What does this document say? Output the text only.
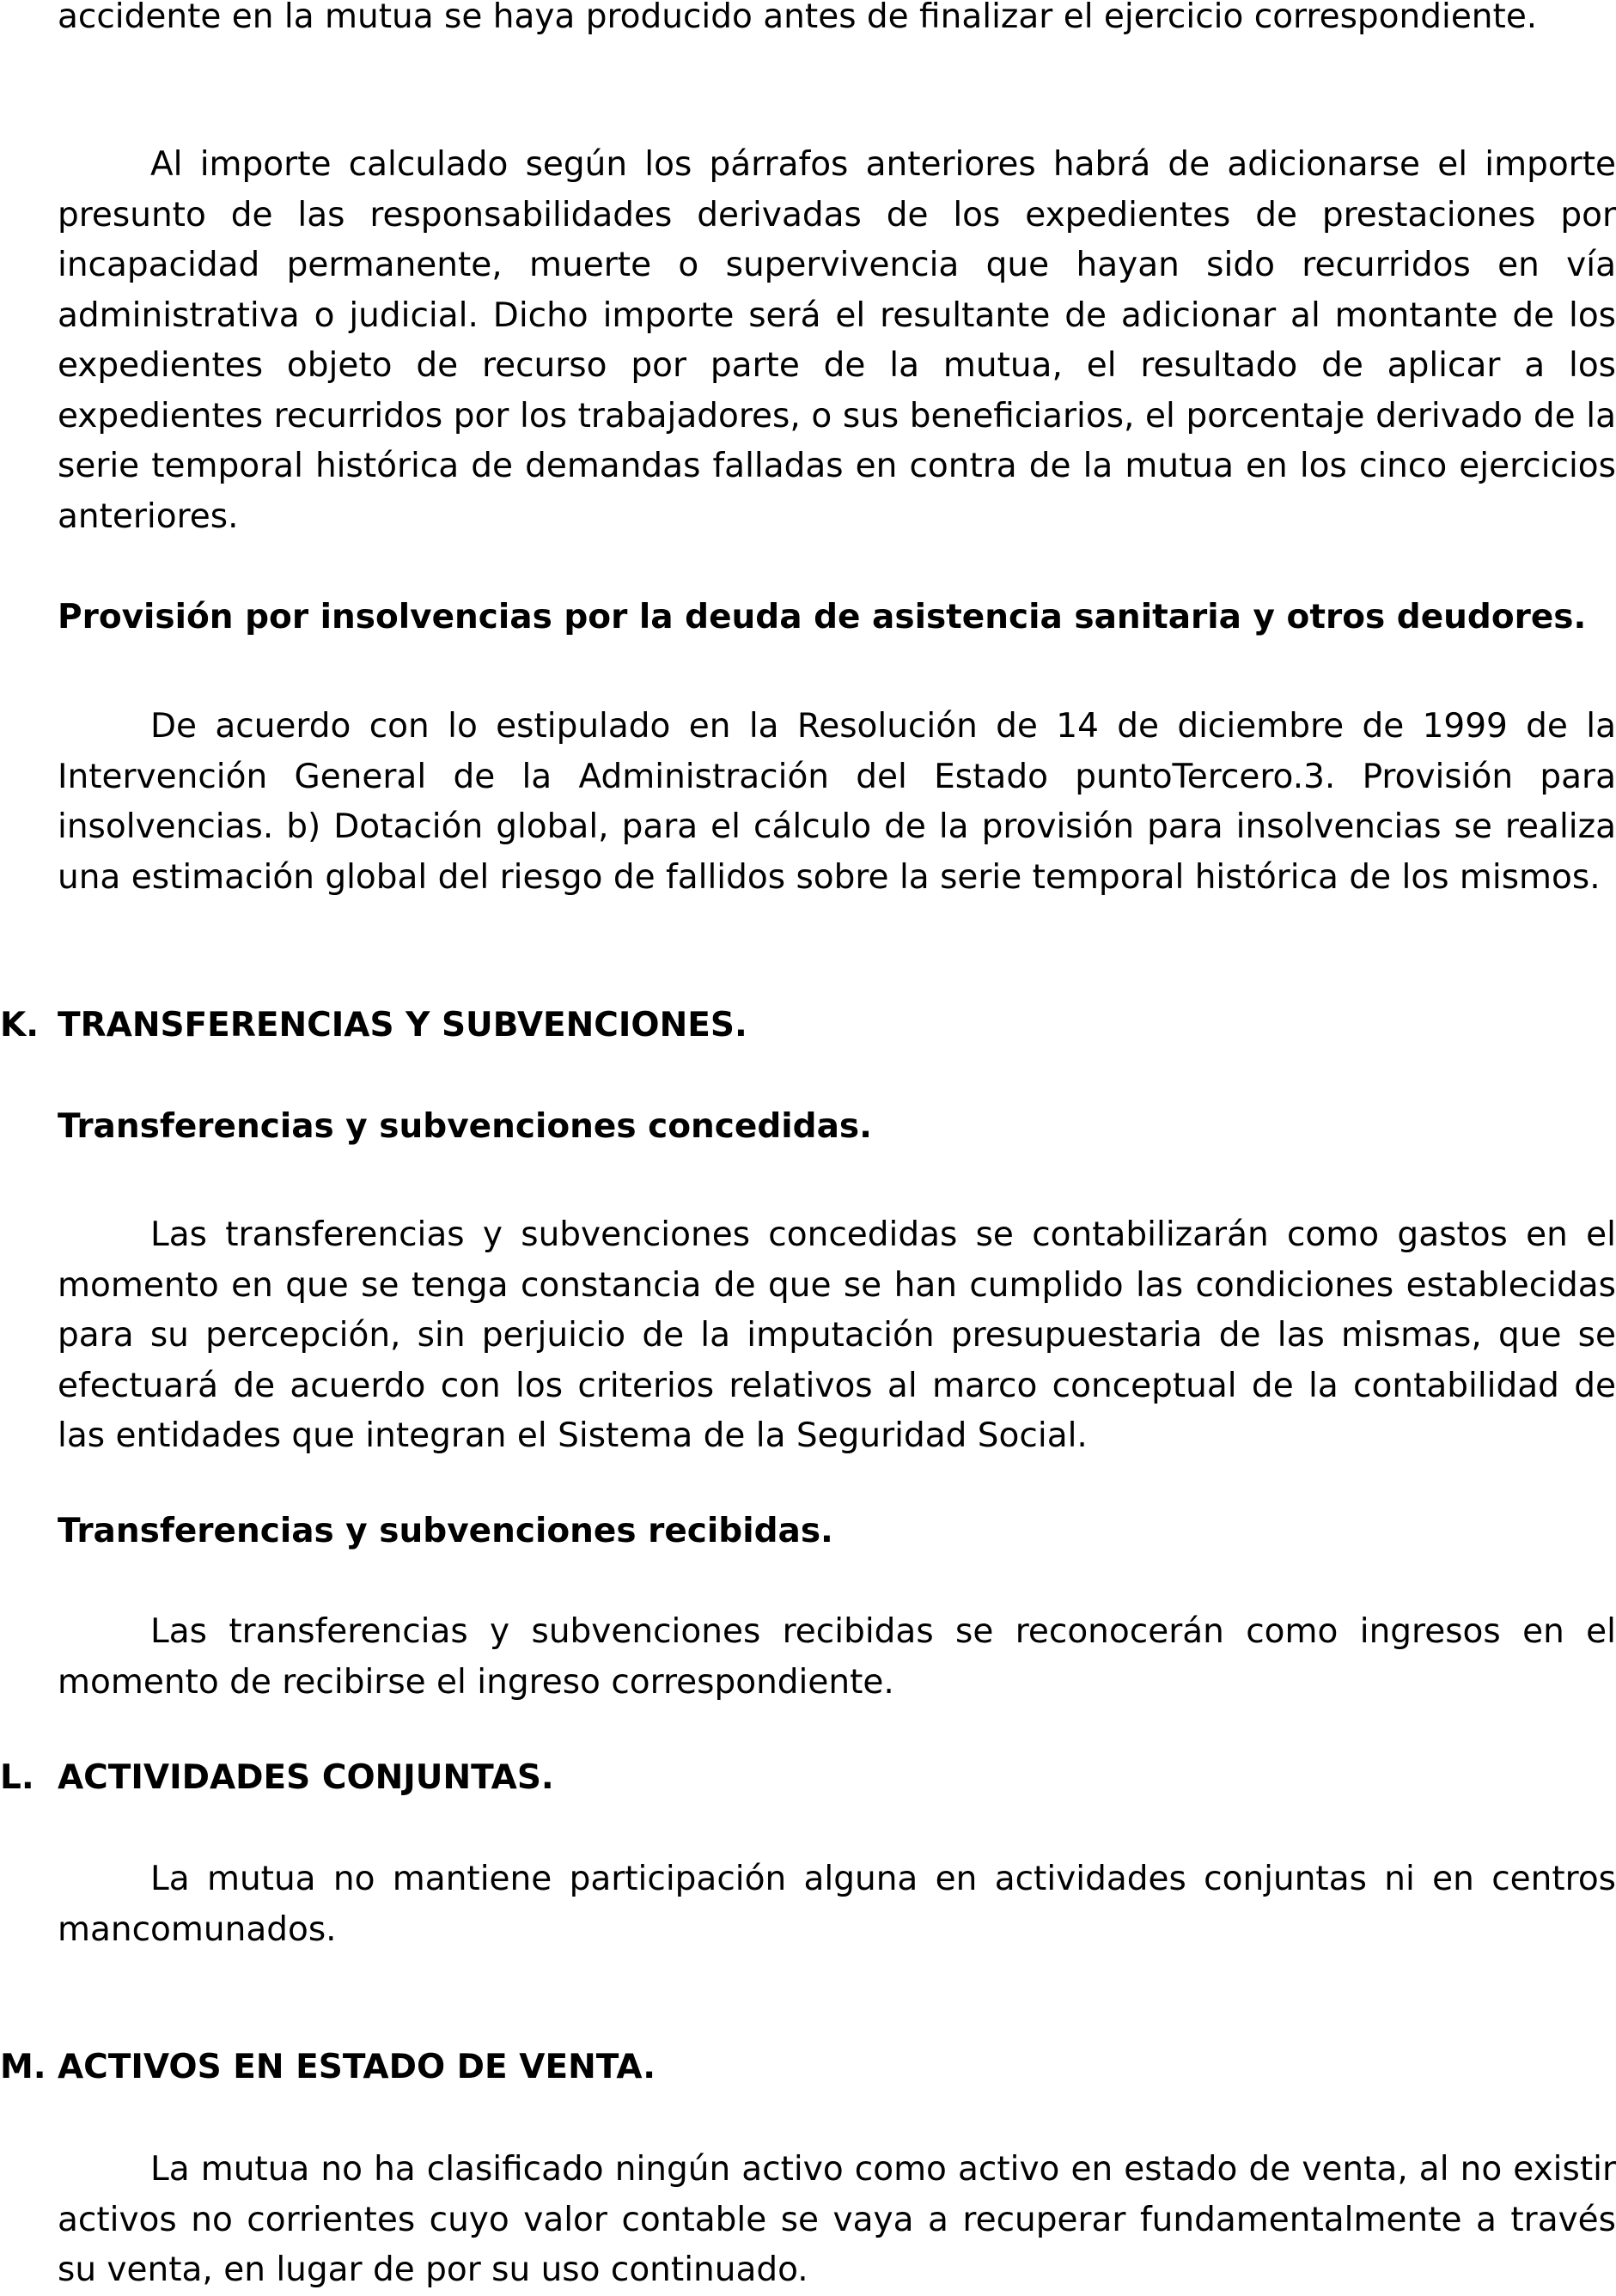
accidente en la mutua se haya producido antes de finalizar el ejercicio correspondiente.

Al importe calculado según los párrafos anteriores habrá de adicionarse el importe presunto de las responsabilidades derivadas de los expedientes de prestaciones por incapacidad permanente, muerte o supervivencia que hayan sido recurridos en vía administrativa o judicial. Dicho importe será el resultante de adicionar al montante de los expedientes objeto de recurso por parte de la mutua, el resultado de aplicar a los expedientes recurridos por los trabajadores, o sus beneficiarios, el porcentaje derivado de la serie temporal histórica de demandas falladas en contra de la mutua en los cinco ejercicios anteriores.

Provisión por insolvencias por la deuda de asistencia sanitaria y otros deudores.

De acuerdo con lo estipulado en la Resolución de 14 de diciembre de 1999 de la Intervención General de la Administración del Estado puntoTercero.3. Provisión para insolvencias. b) Dotación global, para el cálculo de la provisión para insolvencias se realiza una estimación global del riesgo de fallidos sobre la serie temporal histórica de los mismos.

K. TRANSFERENCIAS Y SUBVENCIONES.

Transferencias y subvenciones concedidas.

Las transferencias y subvenciones concedidas se contabilizarán como gastos en el momento en que se tenga constancia de que se han cumplido las condiciones establecidas para su percepción, sin perjuicio de la imputación presupuestaria de las mismas, que se efectuará de acuerdo con los criterios relativos al marco conceptual de la contabilidad de las entidades que integran el Sistema de la Seguridad Social.

Transferencias y subvenciones recibidas.

Las transferencias y subvenciones recibidas se reconocerán como ingresos en el momento de recibirse el ingreso correspondiente.

L. ACTIVIDADES CONJUNTAS.

La mutua no mantiene participación alguna en actividades conjuntas ni en centros mancomunados.

M. ACTIVOS EN ESTADO DE VENTA.

La mutua no ha clasificado ningún activo como activo en estado de venta, al no existir activos no corrientes cuyo valor contable se vaya a recuperar fundamentalmente a través su venta, en lugar de por su uso continuado.
